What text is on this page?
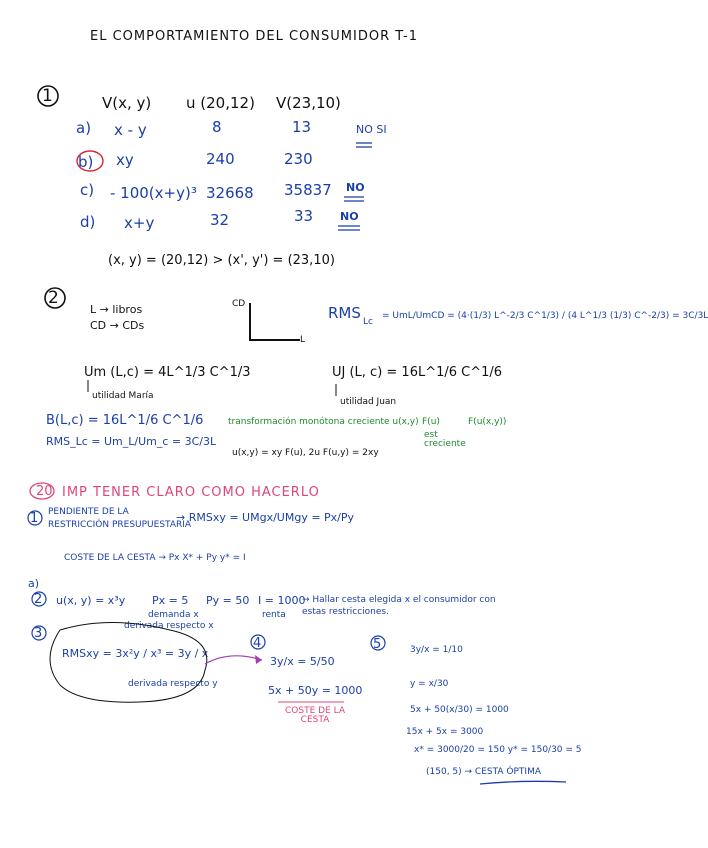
EL COMPORTAMIENTO DEL CONSUMIDOR T-1
1	V(x, y) u (20,12) V(23,10)
a) x - y	8	13	NO SI
b) xy	240	230
c) - 100(x+y)³ 32668 35837 NO
d) x+y	32	33 NO
(x, y) = (20,12) > (x', y') = (23,10)
2
L → libros
CD → CDs
CD
L
RMS Lc
= UmL/UmCD = (4·(1/3) L^-2/3 C^1/3) / (4 L^1/3 (1/3) C^-2/3) = 3C/3L
Um (L,c) = 4L^1/3 C^1/3
utilidad María
UJ (L, c) = 16L^1/6 C^1/6
utilidad Juan
B(L,c) = 16L^1/6 C^1/6
RMS_Lc = Um_L/Um_c = 3C/3L
transformación monótona creciente u(x,y) F(u)
est creciente
F(u(x,y))
u(x,y) = xy F(u), 2u F(u,y) = 2xy
20 IMP TENER CLARO COMO HACERLO
1 PENDIENTE DE LA
RESTRICCIÓN PRESUPUESTARIA
→ RMSxy = UMgx/UMgy = Px/Py
COSTE DE LA CESTA → Px X* + Py y* = I
a)
2 u(x, y) = x³y Px = 5 Py = 50 I = 1000
→ Hallar cesta elegida x el consumidor con estas restricciones.
demanda x	renta
3	derivada respecto x
RMSxy = 3x²y / x³ = 3y / x
derivada respecto y
4
3y/x = 5/50
5x + 50y = 1000
COSTE DE LA CESTA
5	3y/x = 1/10
y = x/30
5x + 50(x/30) = 1000
15x + 5x = 3000
x* = 3000/20 = 150 y* = 150/30 = 5
(150, 5) → CESTA ÓPTIMA
